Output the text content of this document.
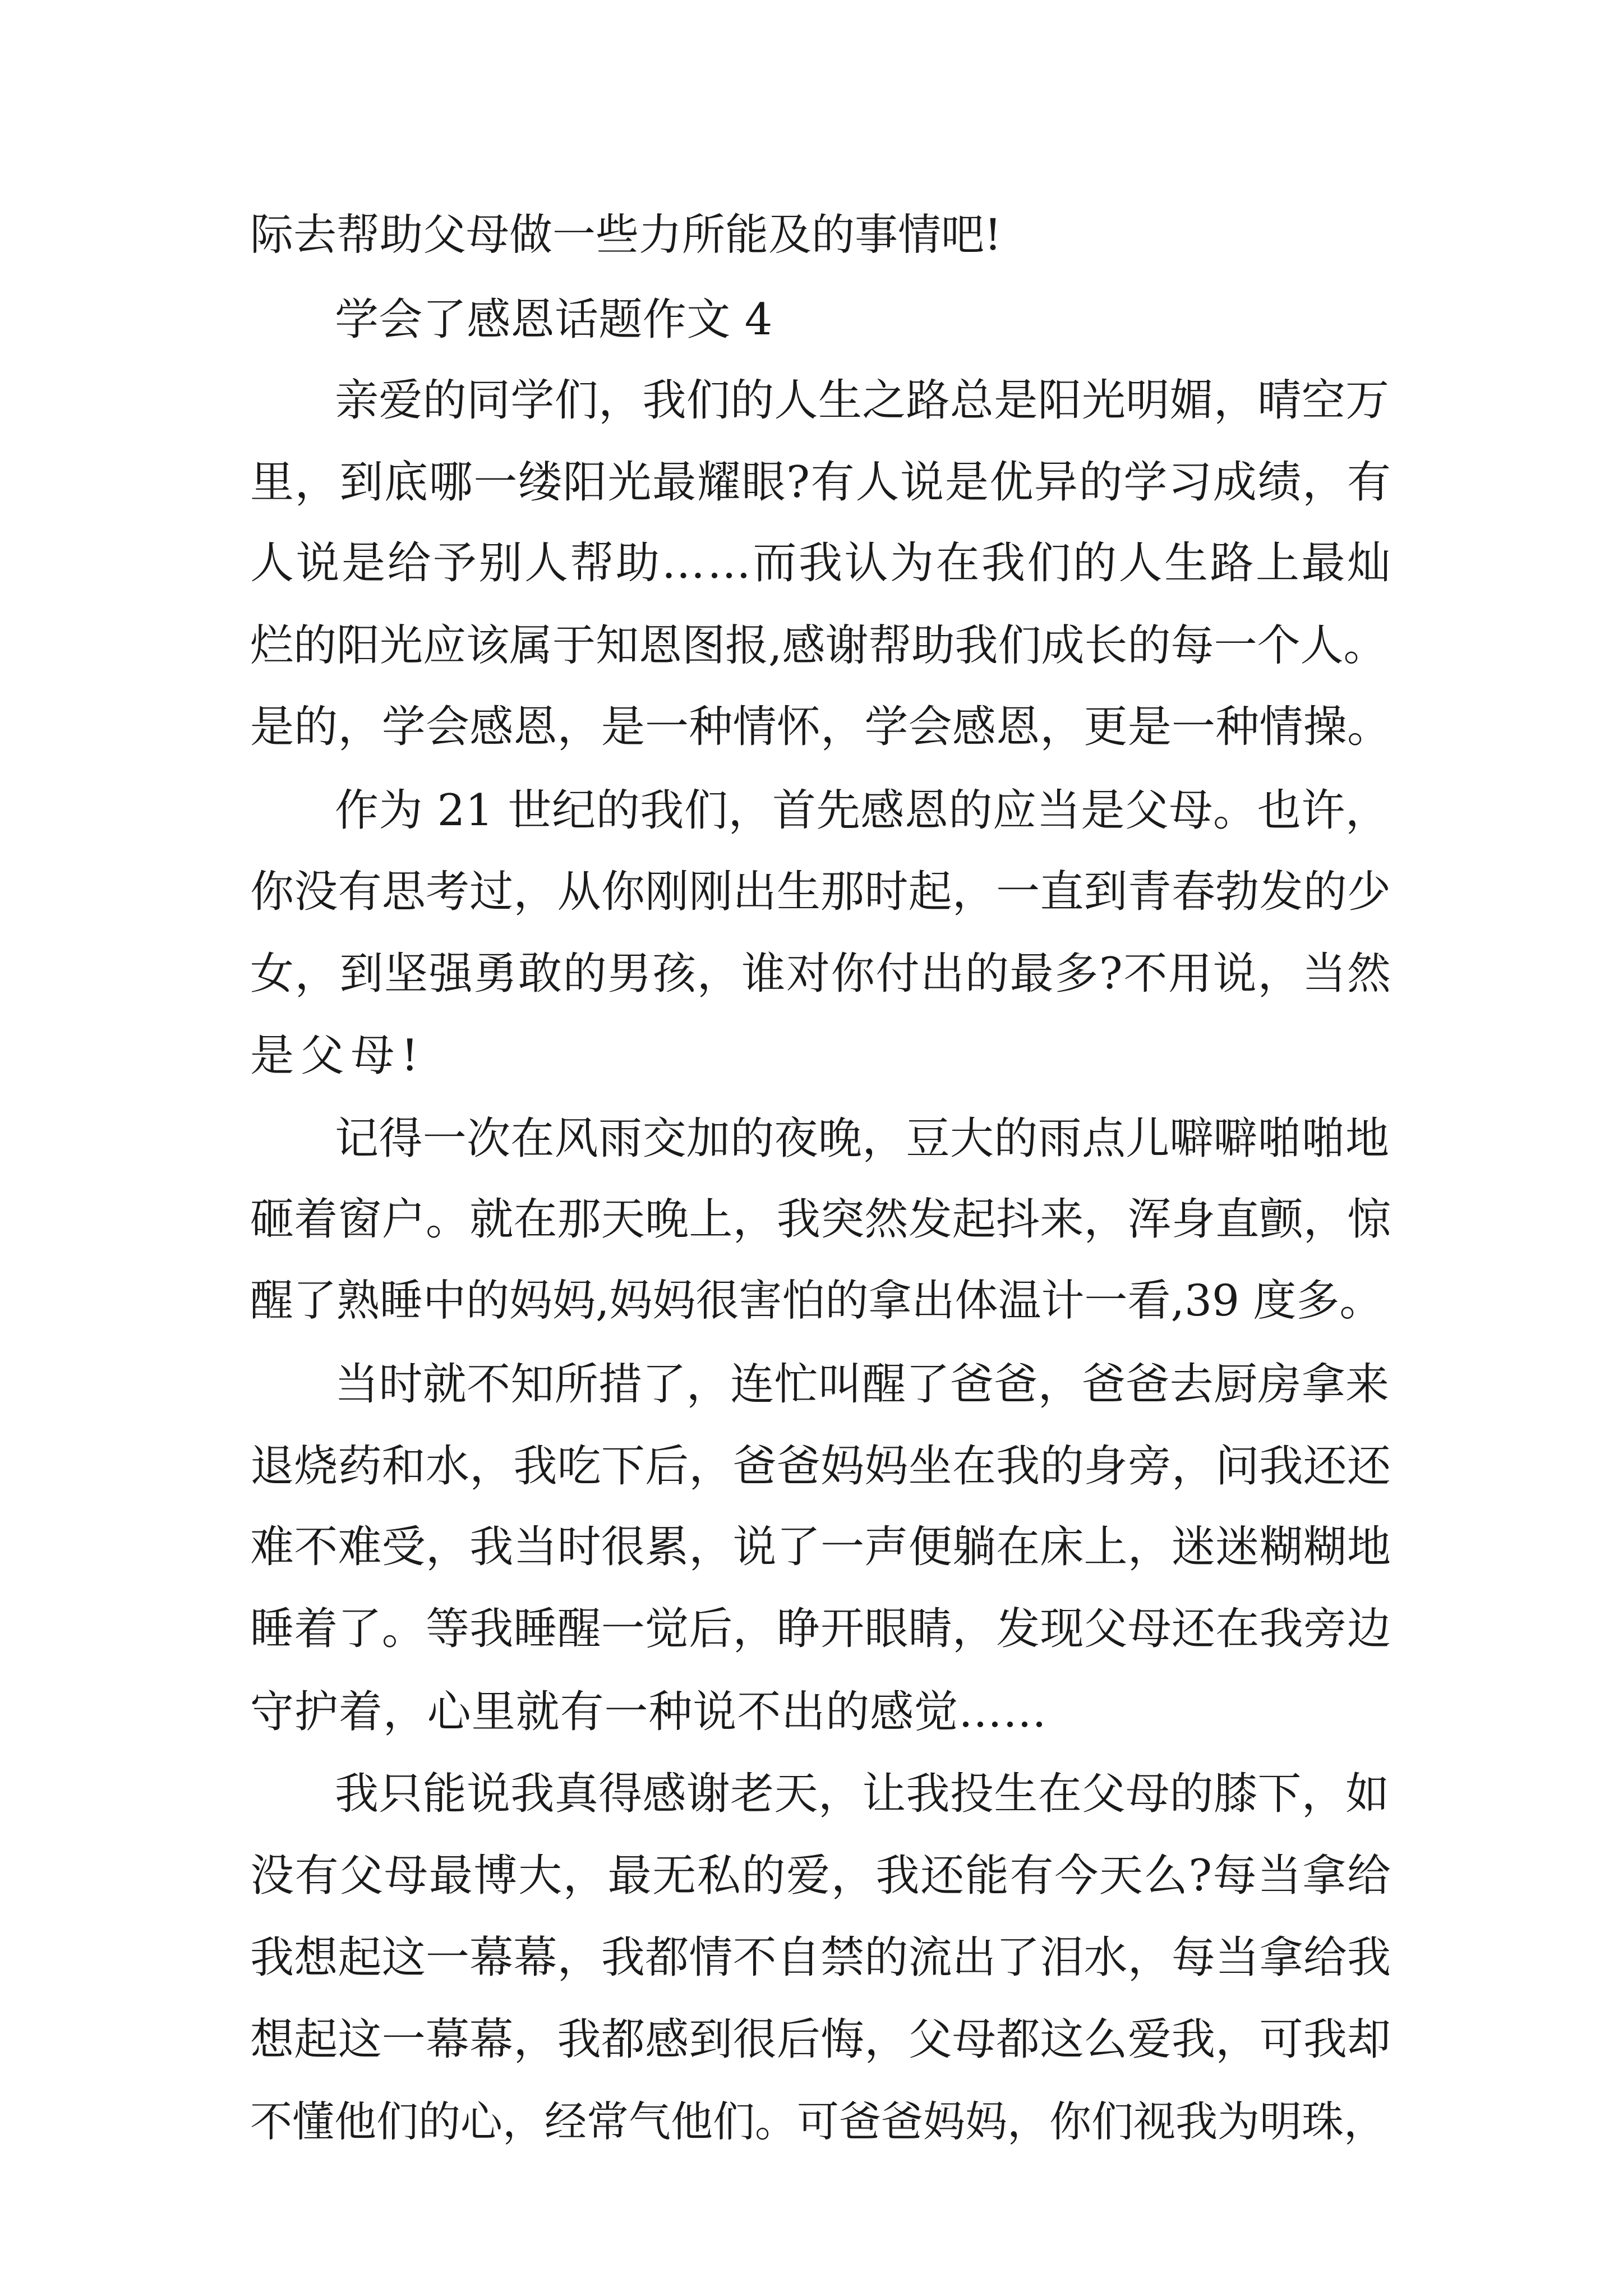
际去帮助父母做一些力所能及的事情吧!
学会了感恩话题作文 4
亲爱的同学们，我们的人生之路总是阳光明媚，晴空万
里，到底哪一缕阳光最耀眼?有人说是优异的学习成绩，有
人说是给予别人帮助……而我认为在我们的人生路上最灿
烂的阳光应该属于知恩图报,感谢帮助我们成长的每一个人。
是的，学会感恩，是一种情怀，学会感恩，更是一种情操。
作为 21 世纪的我们，首先感恩的应当是父母。也许，
你没有思考过，从你刚刚出生那时起，一直到青春勃发的少
女，到坚强勇敢的男孩，谁对你付出的最多?不用说，当然
是父母!
记得一次在风雨交加的夜晚，豆大的雨点儿噼噼啪啪地
砸着窗户。就在那天晚上，我突然发起抖来，浑身直颤，惊
醒了熟睡中的妈妈,妈妈很害怕的拿出体温计一看,39 度多。
当时就不知所措了，连忙叫醒了爸爸，爸爸去厨房拿来
退烧药和水，我吃下后，爸爸妈妈坐在我的身旁，问我还还
难不难受，我当时很累，说了一声便躺在床上，迷迷糊糊地
睡着了。等我睡醒一觉后，睁开眼睛，发现父母还在我旁边
守护着，心里就有一种说不出的感觉……
我只能说我真得感谢老天，让我投生在父母的膝下，如
没有父母最博大，最无私的爱，我还能有今天么?每当拿给
我想起这一幕幕，我都情不自禁的流出了泪水，每当拿给我
想起这一幕幕，我都感到很后悔，父母都这么爱我，可我却
不懂他们的心，经常气他们。可爸爸妈妈，你们视我为明珠，
